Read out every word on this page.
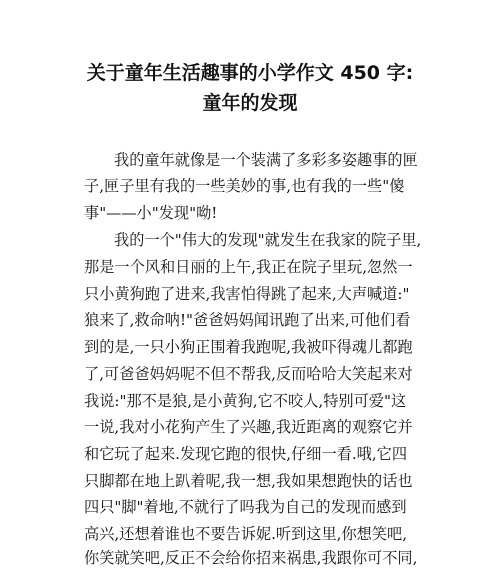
关于童年生活趣事的小学作文 450 字:
童年的发现
我的童年就像是一个装满了多彩多姿趣事的匣
子,匣子里有我的一些美妙的事,也有我的一些"傻
事"——小"发现"呦!
我的一个"伟大的发现"就发生在我家的院子里,
那是一个风和日丽的上午,我正在院子里玩,忽然一
只小黄狗跑了进来,我害怕得跳了起来,大声喊道:"
狼来了,救命呐!"爸爸妈妈闻讯跑了出来,可他们看
到的是,一只小狗正围着我跑呢,我被吓得魂儿都跑
了,可爸爸妈妈呢不但不帮我,反而哈哈大笑起来对
我说:"那不是狼,是小黄狗,它不咬人,特别可爱"这
一说,我对小花狗产生了兴趣,我近距离的观察它并
和它玩了起来.发现它跑的很快,仔细一看.哦,它四
只脚都在地上趴着呢,我一想,我如果想跑快的话也
四只"脚"着地,不就行了吗我为自己的发现而感到
高兴,还想着谁也不要告诉妮.听到这里,你想笑吧,
你笑就笑吧,反正不会给你招来祸患,我跟你可不同,
